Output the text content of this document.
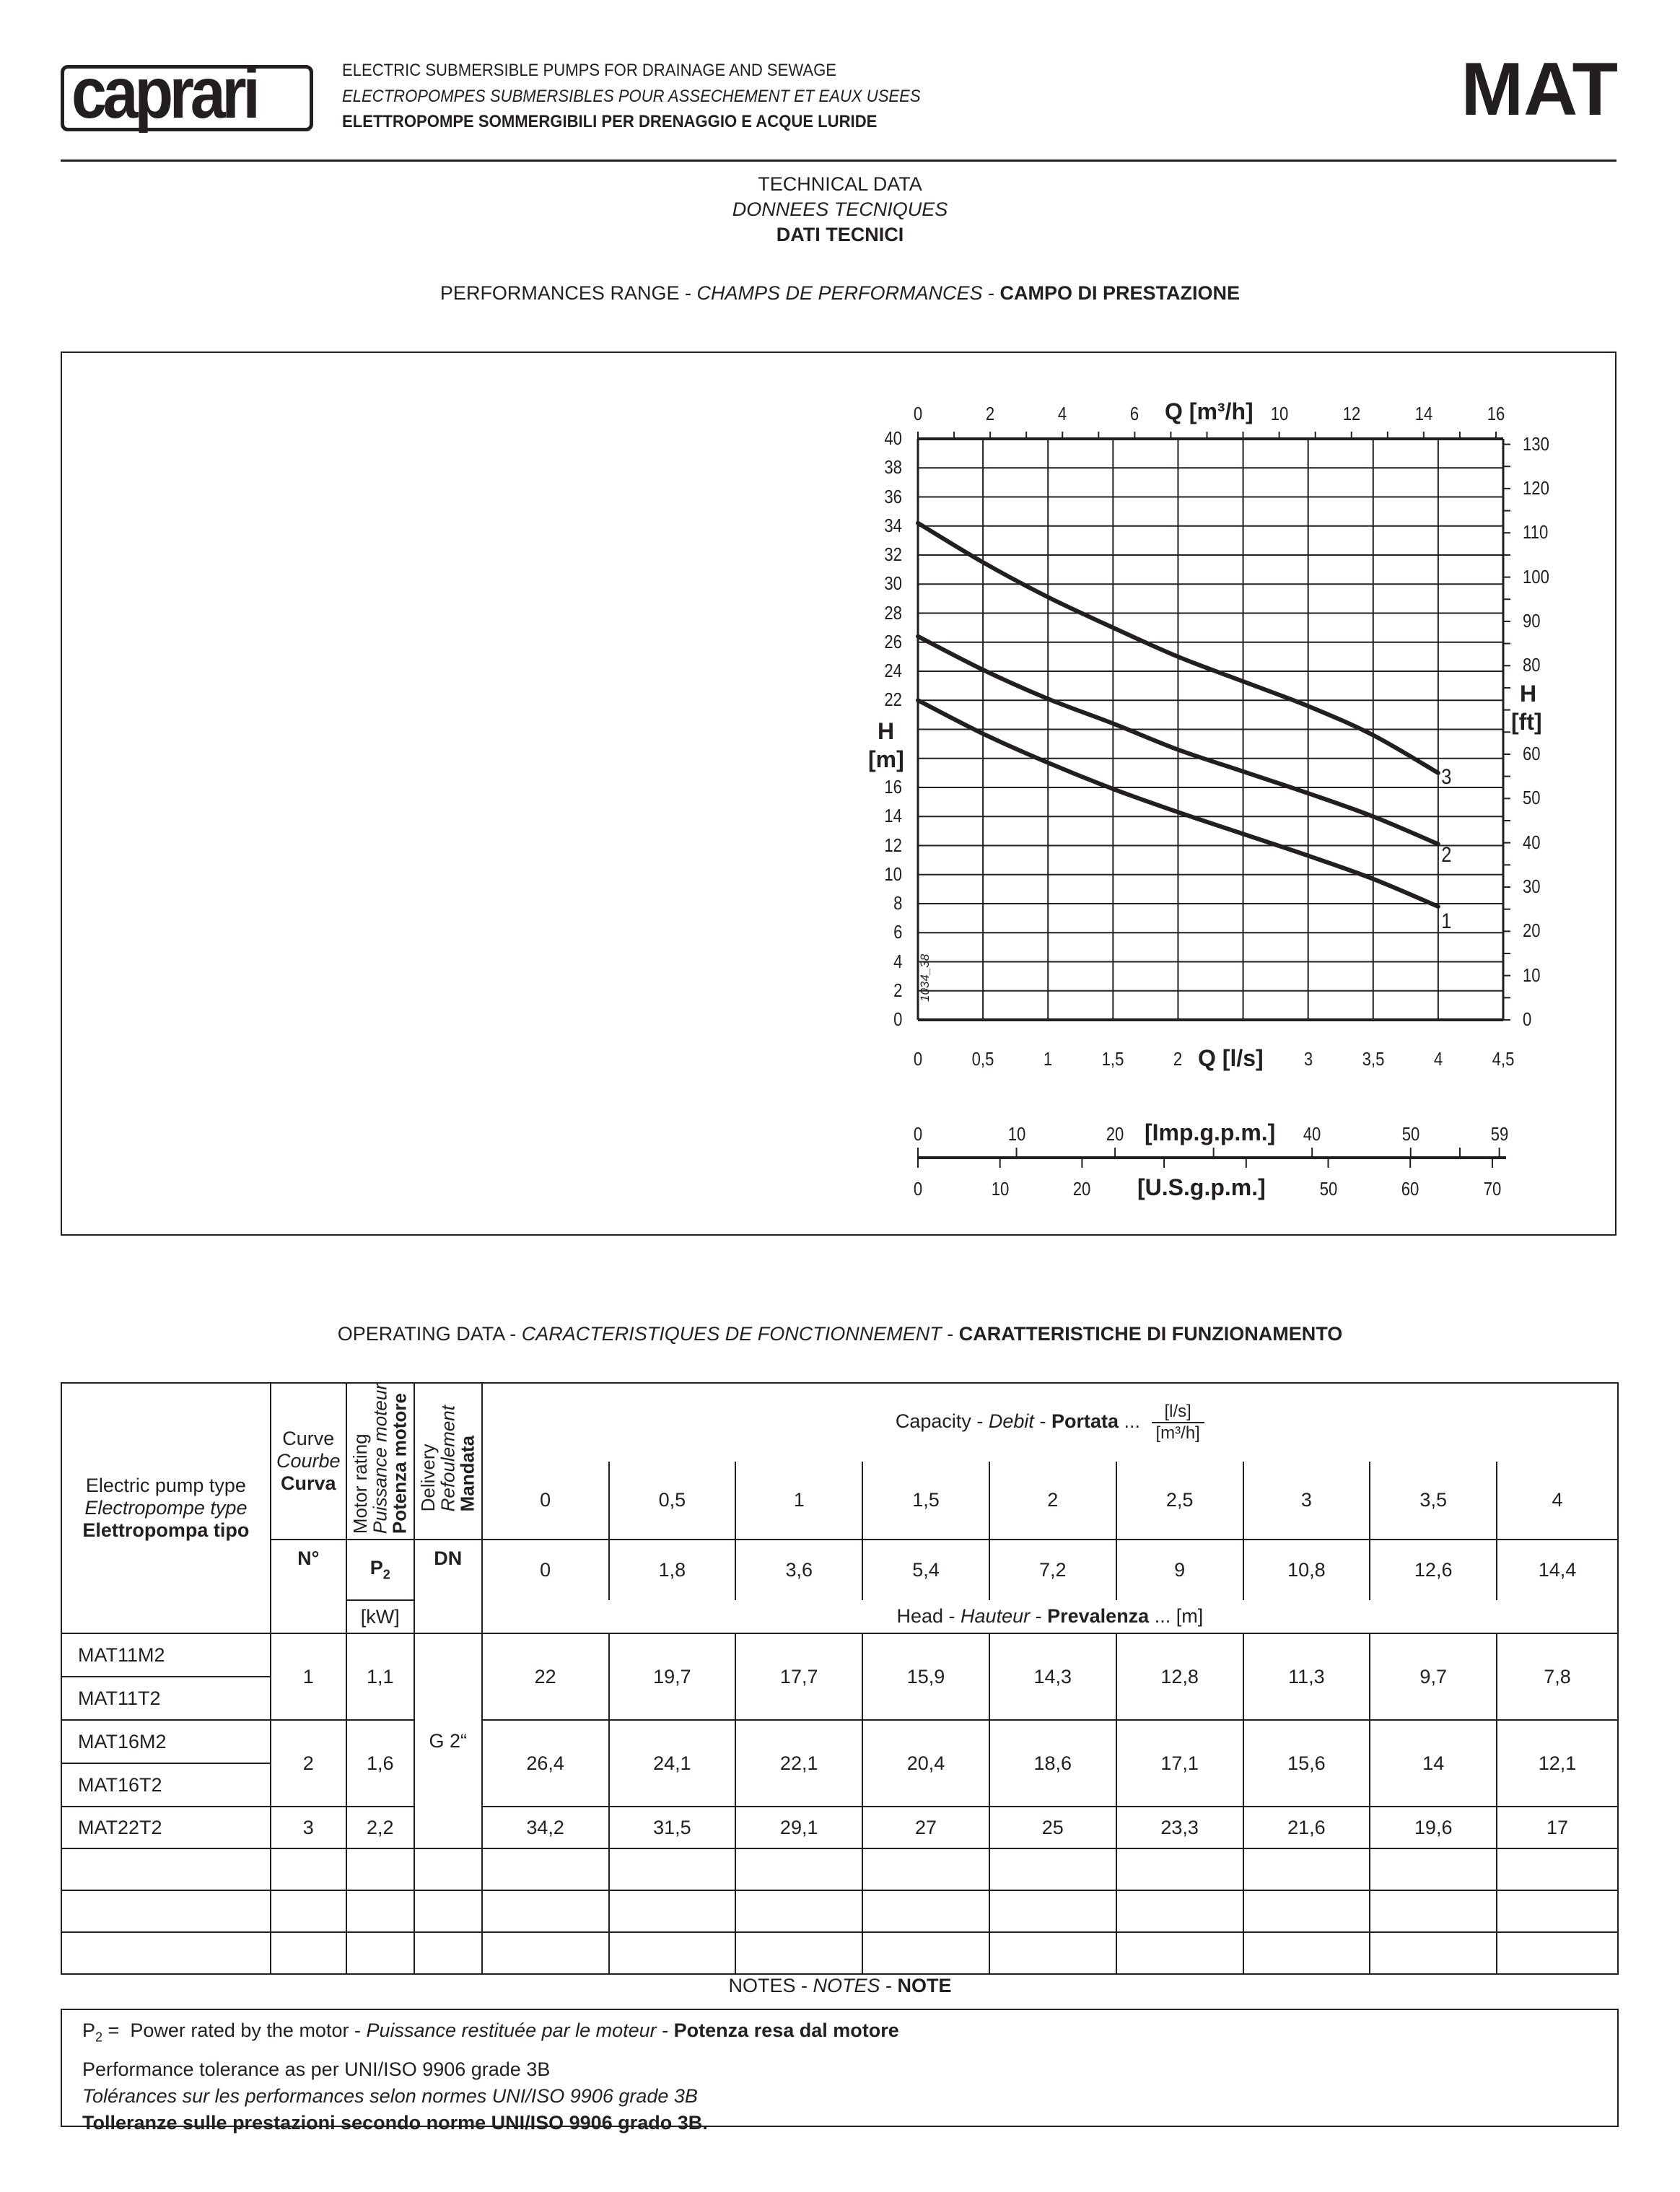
caprari	ELECTRIC SUBMERSIBLE PUMPS FOR DRAINAGE AND SEWAGE
ELECTROPOMPES SUBMERSIBLES POUR ASSECHEMENT ET EAUX USEES
ELETTROPOMPE SOMMERGIBILI PER DRENAGGIO E ACQUE LURIDE	MAT
TECHNICAL DATA
DONNEES TECNIQUES
DATI TECNICI
PERFORMANCES RANGE - CHAMPS DE PERFORMANCES - CAMPO DI PRESTAZIONE
0
2
4
6
8
10
12
14
16
22
24
26
28
30
32
34
36
38
40
0
10
20
30
40
50
60
80
90
100
110
120
130
0	2	4	6	10	12	14	16
0	0,5	1	1,5	2	3	3,5	4	4,5
0	10	20	40	50	59
0	10	20	50	60	70
Q [m³/h]
Q [l/s]
H
[m]
H
[ft]
[Imp.g.p.m.]
[U.S.g.p.m.]
1034_38
3
2
1
OPERATING DATA - CARACTERISTIQUES DE FONCTIONNEMENT - CARATTERISTICHE DI FUNZIONAMENTO
Electric pump type
Electropompe type
Elettropompa tipo

Curve
Courbe
Curva	Motor rating
Puissance moteur
Potenza motore	Delivery
Refoulement
Mandata	Capacity - Debit - Portata ... $\frac{[l/s]}{\text{[m³/h]}}$

				0	0,5	1	1,5	2	2,5	3	3,5	4
	N°	$P_2$	DN	0	1,8	3,6	5,4	7,2	9	10,8	12,6	14,4
		[kW]		Head - Hauteur - Prevalenza ... [m]								
MAT11M2	1	1,1	G 2“	22	19,7	17,7	15,9	14,3	12,8	11,3	9,7	7,8
MAT11T2												
MAT16M2	2	1,6		26,4	24,1	22,1	20,4	18,6	17,1	15,6	14	12,1
MAT16T2												
MAT22T2	3	2,2		34,2	31,5	29,1	27	25	23,3	21,6	19,6	17

NOTES - NOTES - NOTE
$P_2$ =  Power rated by the motor - Puissance restituée par le moteur - Potenza resa dal motore
Performance tolerance as per UNI/ISO 9906 grade 3B
Tolérances sur les performances selon normes UNI/ISO 9906 grade 3B
Tolleranze sulle prestazioni secondo norme UNI/ISO 9906 grado 3B.
